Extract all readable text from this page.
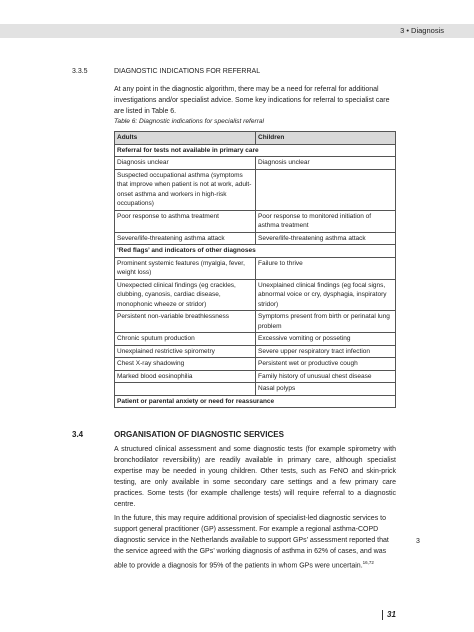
3 • Diagnosis
3.3.5	DIAGNOSTIC INDICATIONS FOR REFERRAL
At any point in the diagnostic algorithm, there may be a need for referral for additional investigations and/or specialist advice. Some key indications for referral to specialist care are listed in Table 6.
Table 6: Diagnostic indications for specialist referral
Adults	Children
Referral for tests not available in primary care	
Diagnosis unclear	Diagnosis unclear
Suspected occupational asthma (symptoms that improve when patient is not at work, adult-onset asthma and workers in high-risk occupations)	
Poor response to asthma treatment	Poor response to monitored initiation of asthma treatment
Severe/life-threatening asthma attack	Severe/life-threatening asthma attack
‘Red flags’ and indicators of other diagnoses	
Prominent systemic features (myalgia, fever, weight loss)	Failure to thrive
Unexpected clinical findings (eg crackles, clubbing, cyanosis, cardiac disease, monophonic wheeze or stridor)	Unexplained clinical findings (eg focal signs, abnormal voice or cry, dysphagia, inspiratory stridor)
Persistent non-variable breathlessness	Symptoms present from birth or perinatal lung problem
Chronic sputum production	Excessive vomiting or posseting
Unexplained restrictive spirometry	Severe upper respiratory tract infection
Chest X-ray shadowing	Persistent wet or productive cough
Marked blood eosinophilia	Family history of unusual chest disease
	Nasal polyps
Patient or parental anxiety or need for reassurance	
3.4	ORGANISATION OF DIAGNOSTIC SERVICES
A structured clinical assessment and some diagnostic tests (for example spirometry with bronchodilator reversibility) are readily available in primary care, although specialist expertise may be needed in young children. Other tests, such as FeNO and skin-prick testing, are only available in some secondary care settings and a few primary care practices. Some tests (for example challenge tests) will require referral to a diagnostic centre.
In the future, this may require additional provision of specialist-led diagnostic services to support general practitioner (GP) assessment. For example a regional asthma-COPD diagnostic service in the Netherlands available to support GPs’ assessment reported that the service agreed with the GPs’ working diagnosis of asthma in 62% of cases, and was able to provide a diagnosis for 95% of the patients in whom GPs were uncertain.$^{16,72}$
3
31
